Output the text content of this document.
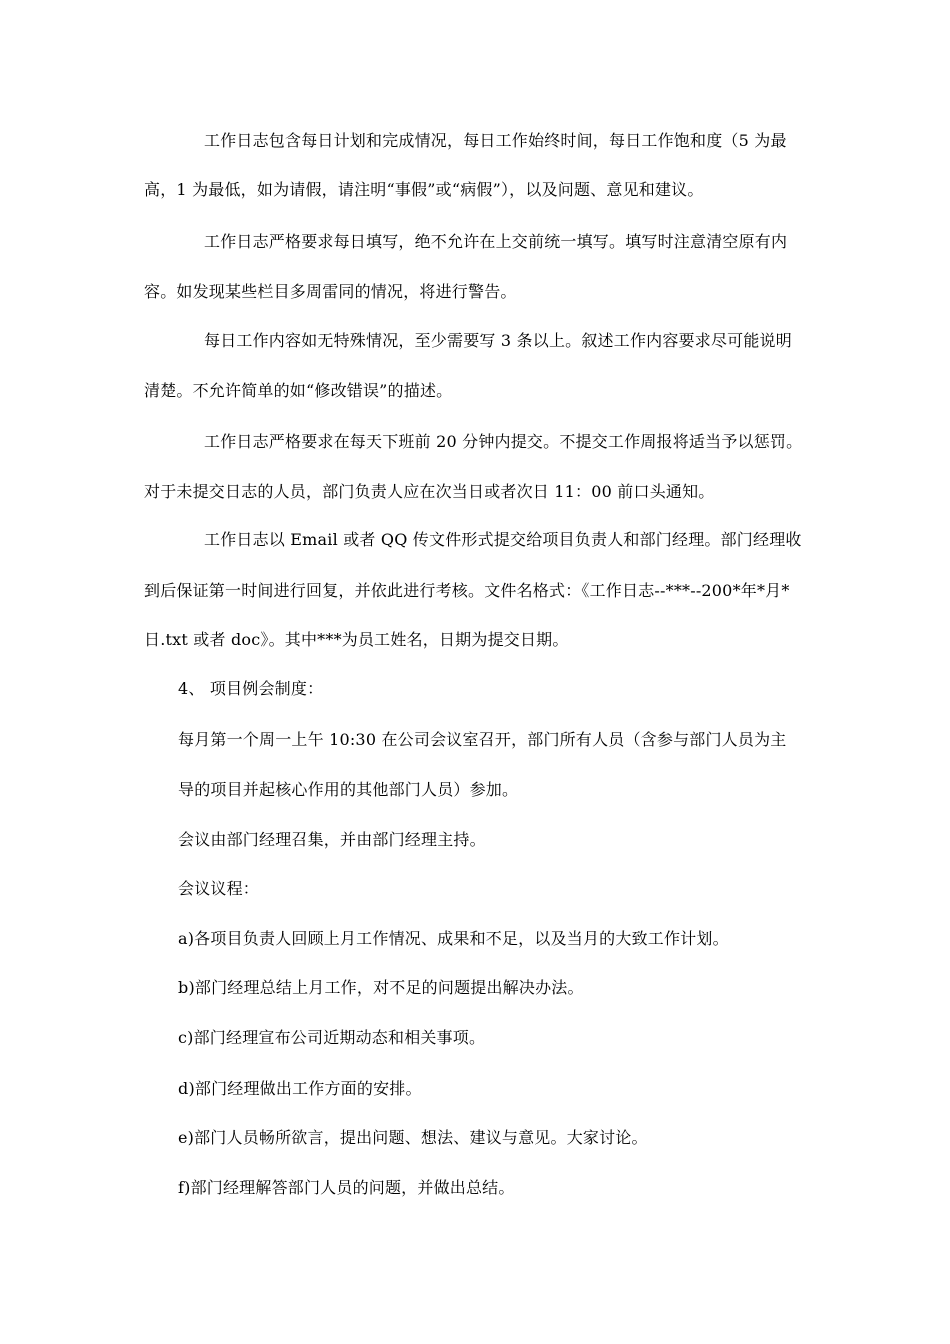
工作日志包含每日计划和完成情况，每日工作始终时间，每日工作饱和度（5 为最
高，1 为最低，如为请假，请注明“事假”或“病假”），以及问题、意见和建议。
工作日志严格要求每日填写，绝不允许在上交前统一填写。填写时注意清空原有内
容。如发现某些栏目多周雷同的情况，将进行警告。
每日工作内容如无特殊情况，至少需要写 3 条以上。叙述工作内容要求尽可能说明
清楚。不允许简单的如“修改错误”的描述。
工作日志严格要求在每天下班前 20 分钟内提交。不提交工作周报将适当予以惩罚。
对于未提交日志的人员，部门负责人应在次当日或者次日 11：00 前口头通知。
工作日志以 Email 或者 QQ 传文件形式提交给项目负责人和部门经理。部门经理收
到后保证第一时间进行回复，并依此进行考核。文件名格式：《工作日志--***--200*年*月*
日.txt 或者 doc》。其中***为员工姓名，日期为提交日期。
4、 项目例会制度：
每月第一个周一上午 10:30 在公司会议室召开，部门所有人员（含参与部门人员为主
导的项目并起核心作用的其他部门人员）参加。
会议由部门经理召集，并由部门经理主持。
会议议程：
a)各项目负责人回顾上月工作情况、成果和不足，以及当月的大致工作计划。
b)部门经理总结上月工作，对不足的问题提出解决办法。
c)部门经理宣布公司近期动态和相关事项。
d)部门经理做出工作方面的安排。
e)部门人员畅所欲言，提出问题、想法、建议与意见。大家讨论。
f)部门经理解答部门人员的问题，并做出总结。
